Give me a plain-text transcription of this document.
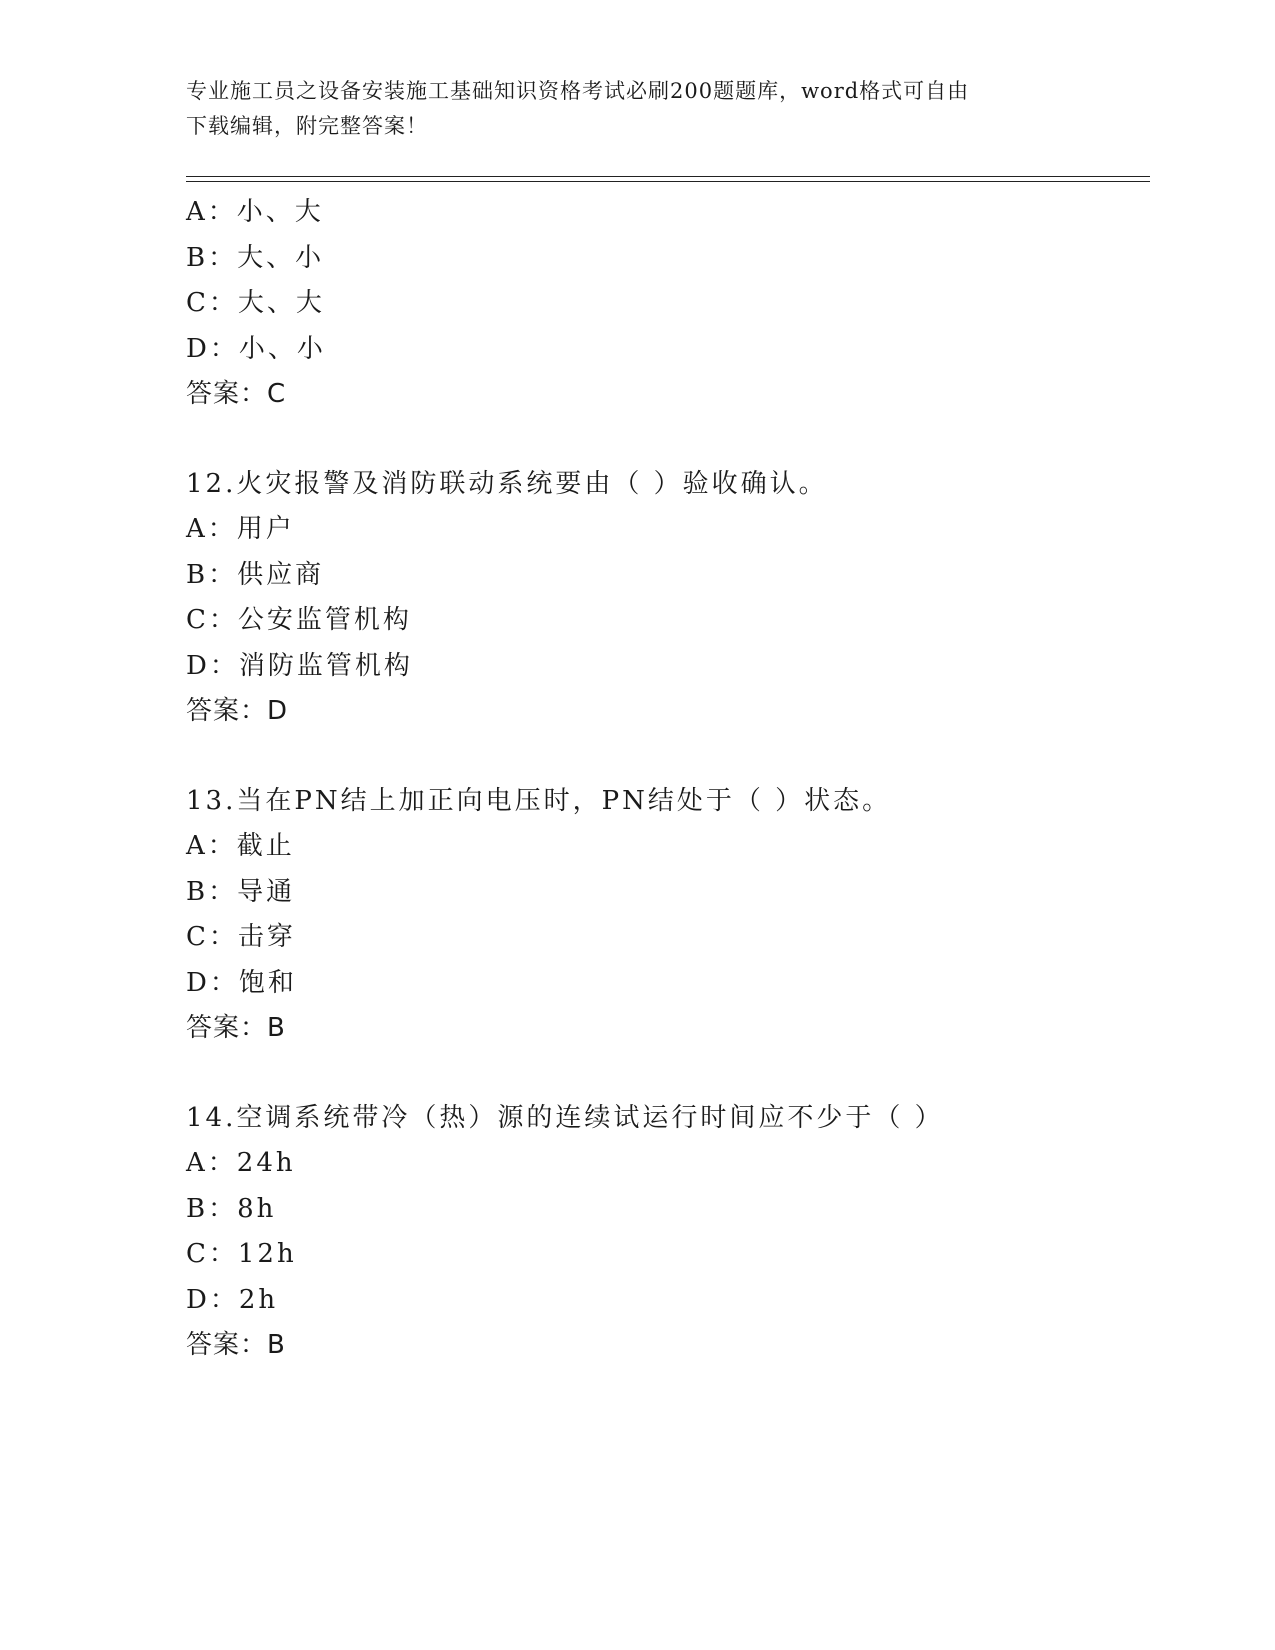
专业施工员之设备安装施工基础知识资格考试必刷200题题库，word格式可自由
下载编辑，附完整答案！
A：小、大
B：大、小
C：大、大
D：小、小
答案：C
12.火灾报警及消防联动系统要由（ ）验收确认。
A：用户
B：供应商
C：公安监管机构
D：消防监管机构
答案：D
13.当在PN结上加正向电压时，PN结处于（ ）状态。
A：截止
B：导通
C：击穿
D：饱和
答案：B
14.空调系统带冷（热）源的连续试运行时间应不少于（ ）
A：24h
B：8h
C：12h
D：2h
答案：B
